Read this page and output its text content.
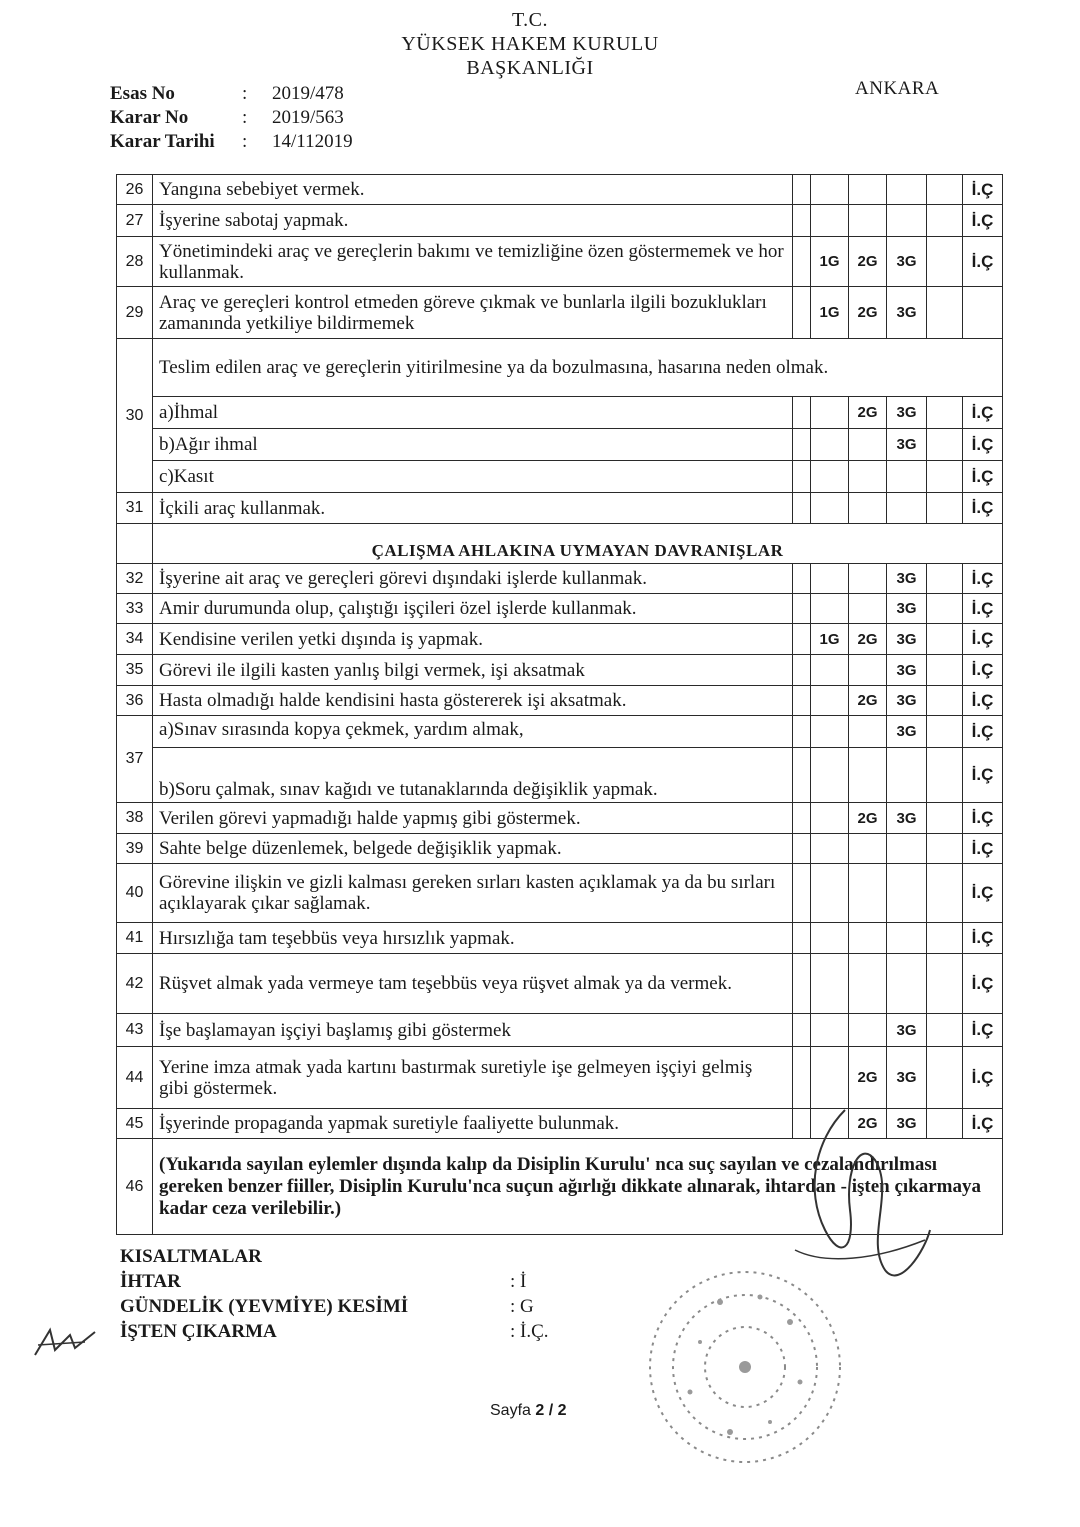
T.C.
YÜKSEK HAKEM KURULU
BAŞKANLIĞI
ANKARA
Esas No	:	2019/478
Karar No	:	2019/563
Karar Tarihi	:	14/112019
26	Yangına sebebiyet vermek.						İ.Ç
27	İşyerine sabotaj yapmak.						İ.Ç
28	Yönetimindeki araç ve gereçlerin bakımı ve temizliğine özen göstermemek ve hor kullanmak.		1G	2G	3G		İ.Ç
29	Araç ve gereçleri kontrol etmeden göreve çıkmak ve bunlarla ilgili bozuklukları zamanında yetkiliye bildirmemek		1G	2G	3G		
30	Teslim edilen araç ve gereçlerin yitirilmesine ya da bozulmasına, hasarına neden olmak.						
	a)İhmal			2G	3G		İ.Ç
	b)Ağır ihmal				3G		İ.Ç
	c)Kasıt						İ.Ç
31	İçkili araç kullanmak.						İ.Ç
	ÇALIŞMA AHLAKINA UYMAYAN DAVRANIŞLAR						
32	İşyerine ait araç ve gereçleri görevi dışındaki işlerde kullanmak.				3G		İ.Ç
33	Amir durumunda olup, çalıştığı işçileri özel işlerde kullanmak.				3G		İ.Ç
34	Kendisine verilen yetki dışında iş yapmak.		1G	2G	3G		İ.Ç
35	Görevi ile ilgili kasten yanlış bilgi vermek, işi aksatmak				3G		İ.Ç
36	Hasta olmadığı halde kendisini hasta göstererek işi aksatmak.			2G	3G		İ.Ç
37	a)Sınav sırasında kopya çekmek, yardım almak,				3G		İ.Ç
	b)Soru çalmak, sınav kağıdı ve tutanaklarında değişiklik yapmak.						İ.Ç
38	Verilen görevi yapmadığı halde yapmış gibi göstermek.			2G	3G		İ.Ç
39	Sahte belge düzenlemek, belgede değişiklik yapmak.						İ.Ç
40	Görevine ilişkin ve gizli kalması gereken sırları kasten açıklamak ya da bu sırları açıklayarak çıkar sağlamak.						İ.Ç
41	Hırsızlığa tam teşebbüs veya hırsızlık yapmak.						İ.Ç
42	Rüşvet almak yada vermeye tam teşebbüs veya rüşvet almak ya da vermek.						İ.Ç
43	İşe başlamayan işçiyi başlamış gibi göstermek				3G		İ.Ç
44	Yerine imza atmak yada kartını bastırmak suretiyle işe gelmeyen işçiyi gelmiş gibi göstermek.			2G	3G		İ.Ç
45	İşyerinde propaganda yapmak suretiyle faaliyette bulunmak.			2G	3G		İ.Ç
46	(Yukarıda sayılan eylemler dışında kalıp da Disiplin Kurulu' nca suç sayılan ve cezalandırılması gereken benzer fiiller, Disiplin Kurulu'nca suçun ağırlığı dikkate alınarak, ihtardan - işten çıkarmaya kadar ceza verilebilir.)						
KISALTMALAR
İHTAR	: İ
GÜNDELİK (YEVMİYE) KESİMİ	: G
İŞTEN ÇIKARMA	: İ.Ç.
Sayfa 2 / 2
